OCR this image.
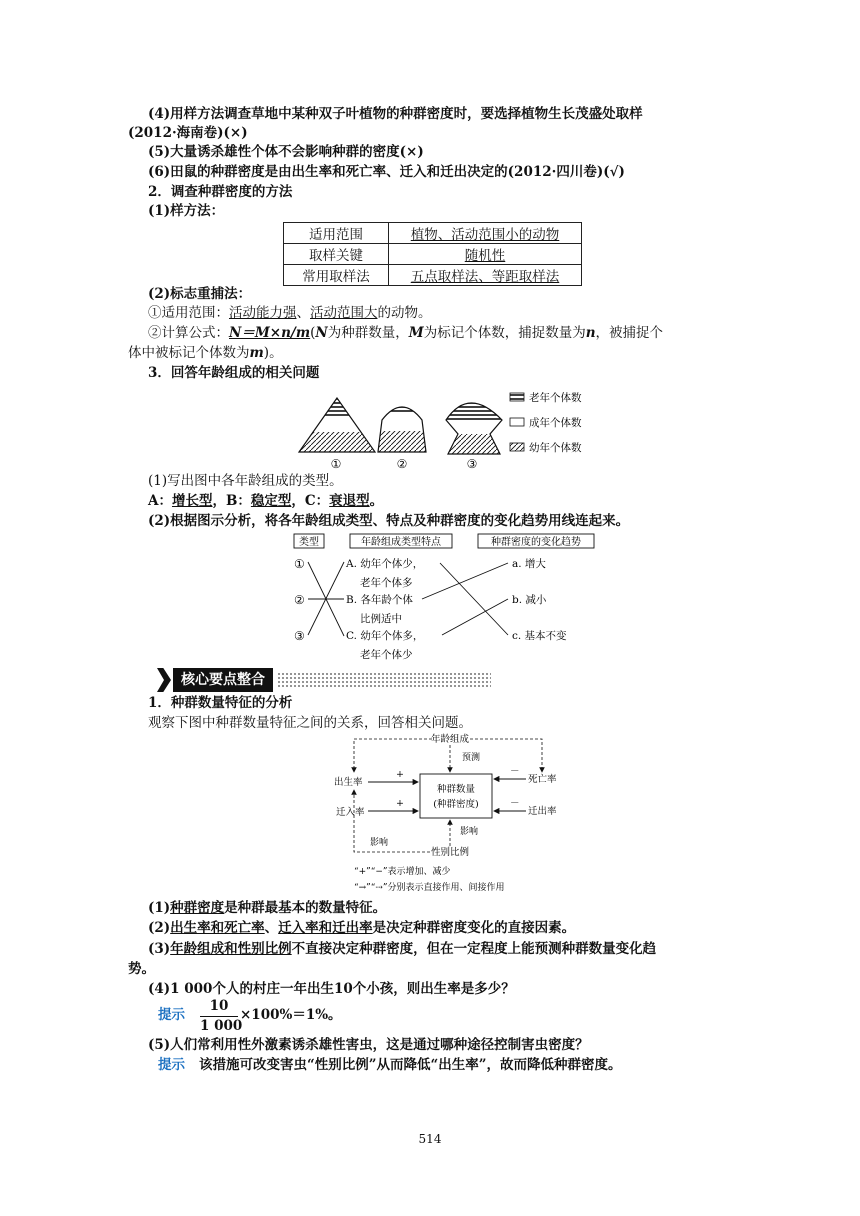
(4)用样方法调查草地中某种双子叶植物的种群密度时，要选择植物生长茂盛处取样
(2012·海南卷)(×)
(5)大量诱杀雄性个体不会影响种群的密度(×)
(6)田鼠的种群密度是由出生率和死亡率、迁入和迁出决定的(2012·四川卷)(√)
2．调查种群密度的方法
(1)样方法：
适用范围	植物、活动范围小的动物
取样关键	随机性
常用取样法	五点取样法、等距取样法
(2)标志重捕法：
①适用范围：活动能力强、活动范围大的动物。
②计算公式：N＝M×n/m(N为种群数量，M为标记个体数，捕捉数量为n，被捕捉个
体中被标记个体数为m)。
3．回答年龄组成的相关问题
①	②	③
老年个体数
成年个体数
幼年个体数
(1)写出图中各年龄组成的类型。
A：增长型，B：稳定型，C：衰退型。
(2)根据图示分析，将各年龄组成类型、特点及种群密度的变化趋势用线连起来。
类型	年龄组成类型特点	种群密度的变化趋势
①
②
③
A. 幼年个体少，
老年个体多
B. 各年龄个体
比例适中
C. 幼年个体多，
老年个体少
a. 增大
b. 减小
c. 基本不变
核心要点整合
1．种群数量特征的分析
观察下图中种群数量特征之间的关系，回答相关问题。
年龄组成
预测
种群数量
(种群密度)
出生率
+
迁入率
+
死亡率
－
迁出率
－
影响
影响
性别比例
“+”“−”表示增加、减少
“→”“⇢”分别表示直接作用、间接作用
(1)种群密度是种群最基本的数量特征。
(2)出生率和死亡率、迁入率和迁出率是决定种群密度变化的直接因素。
(3)年龄组成和性别比例不直接决定种群密度，但在一定程度上能预测种群数量变化趋
势。
(4)1 000个人的村庄一年出生10个小孩，则出生率是多少？
提示
10
1 000
×100%＝1%。
(5)人们常利用性外激素诱杀雄性害虫，这是通过哪种途径控制害虫密度？
提示 该措施可改变害虫“性别比例”从而降低“出生率”，故而降低种群密度。
514
